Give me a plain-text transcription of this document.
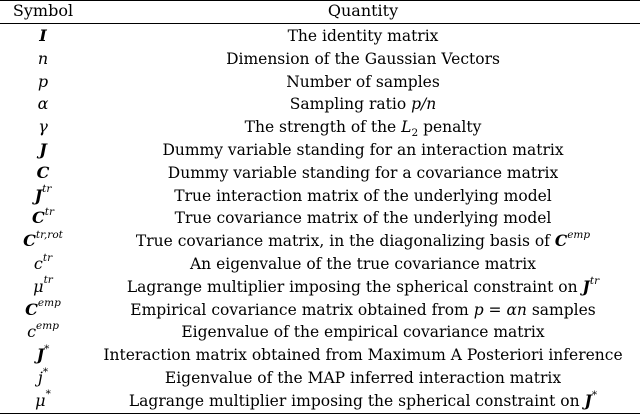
Symbol	Quantity
I	The identity matrix
n	Dimension of the Gaussian Vectors
p	Number of samples
α	Sampling ratio p/n
γ	The strength of the $L_2$ penalty
J	Dummy variable standing for an interaction matrix
C	Dummy variable standing for a covariance matrix
$J^{tr}$	True interaction matrix of the underlying model
$C^{tr}$	True covariance matrix of the underlying model
$C^{tr,rot}$	True covariance matrix, in the diagonalizing basis of $C^{emp}$
$c^{tr}$	An eigenvalue of the true covariance matrix
$\mu^{tr}$	Lagrange multiplier imposing the spherical constraint on $J^{tr}$
$C^{emp}$	Empirical covariance matrix obtained from p = αn samples
$c^{emp}$	Eigenvalue of the empirical covariance matrix
J*	Interaction matrix obtained from Maximum A Posteriori inference
j*	Eigenvalue of the MAP inferred interaction matrix
μ*	Lagrange multiplier imposing the spherical constraint on J*
